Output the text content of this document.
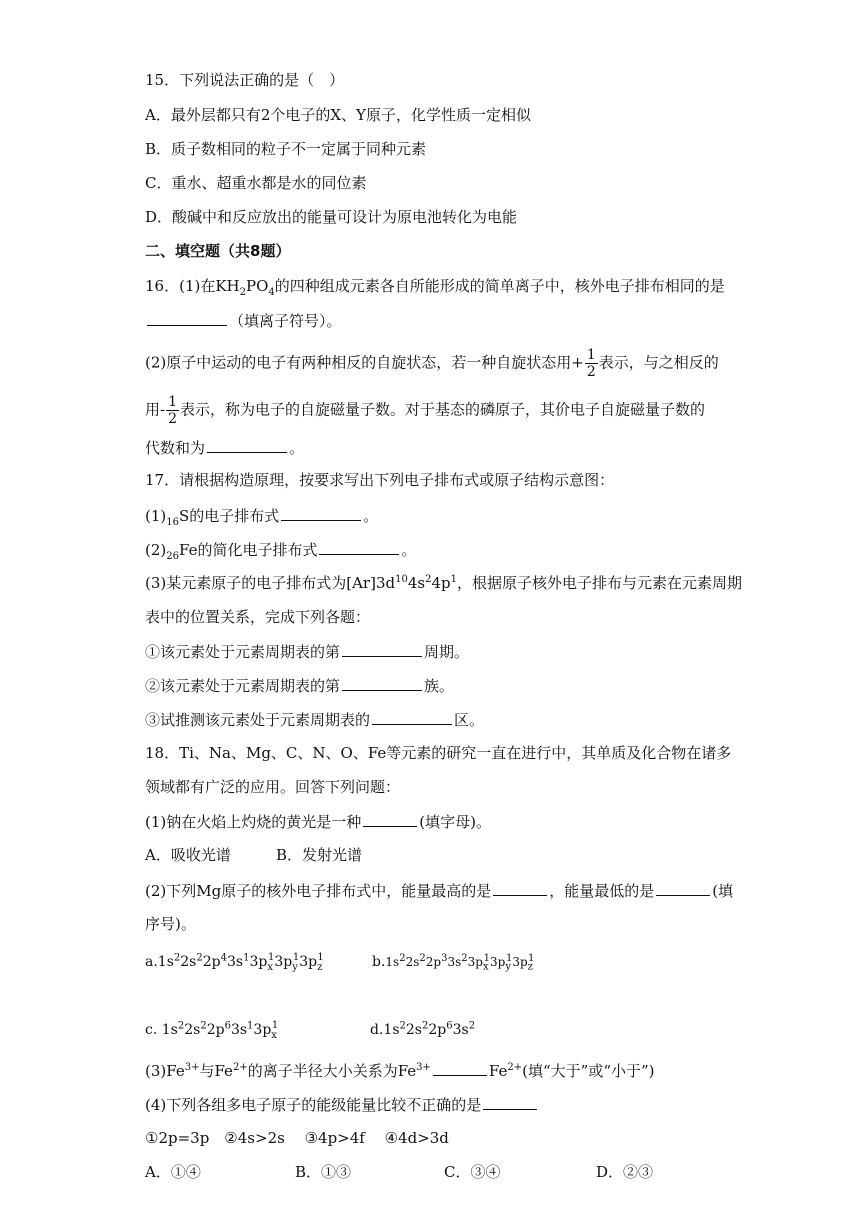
15．下列说法正确的是（　）
A．最外层都只有2个电子的X、Y原子，化学性质一定相似
B．质子数相同的粒子不一定属于同种元素
C．重水、超重水都是水的同位素
D．酸碱中和反应放出的能量可设计为原电池转化为电能
二、填空题（共8题）
16．(1)在$KH_2PO_4$的四种组成元素各自所能形成的简单离子中，核外电子排布相同的是
（填离子符号）。
(2)原子中运动的电子有两种相反的自旋状态，若一种自旋状态用+ $\frac{1}{2}$ 表示，与之相反的
用- $\frac{1}{2}$ 表示，称为电子的自旋磁量子数。对于基态的磷原子，其价电子自旋磁量子数的
代数和为	。
17．请根据构造原理，按要求写出下列电子排布式或原子结构示意图：
$(1)_{16}S$的电子排布式	。
$(2)_{26}Fe$的简化电子排布式	。
(3)某元素原子的电子排布式为$[Ar]3d^{10}4s^24p^1$，根据原子核外电子排布与元素在元素周期
表中的位置关系，完成下列各题：
①该元素处于元素周期表的第	周期。
②该元素处于元素周期表的第	族。
③试推测该元素处于元素周期表的	区。
18．Ti、Na、Mg、C、N、O、Fe等元素的研究一直在进行中，其单质及化合物在诸多
领域都有广泛的应用。回答下列问题：
(1)钠在火焰上灼烧的黄光是一种	(填字母)。
A．吸收光谱	B．发射光谱
(2)下列Mg原子的核外电子排布式中，能量最高的是	，能量最低的是	(填
序号)。
$a.1s^22s^22p^43s^13p_x^13p_y^13p_z^1$	$b.1s^22s^22p^33s^23p_x^13p_y^13p_z^1$
c. $1s^22s^22p^63s^13p_x^1$	$d.1s^22s^22p^63s^2$
$(3)Fe^{3+}$与$Fe^{2+}$的离子半径大小关系为$Fe^{3+}$	$Fe^{2+}$(填“大于”或“小于”)
(4)下列各组多电子原子的能级能量比较不正确的是
①2p=3p　②4s>2s　 ③4p>4f　 ④4d>3d
A．①④	B．①③	C．③④	D．②③
